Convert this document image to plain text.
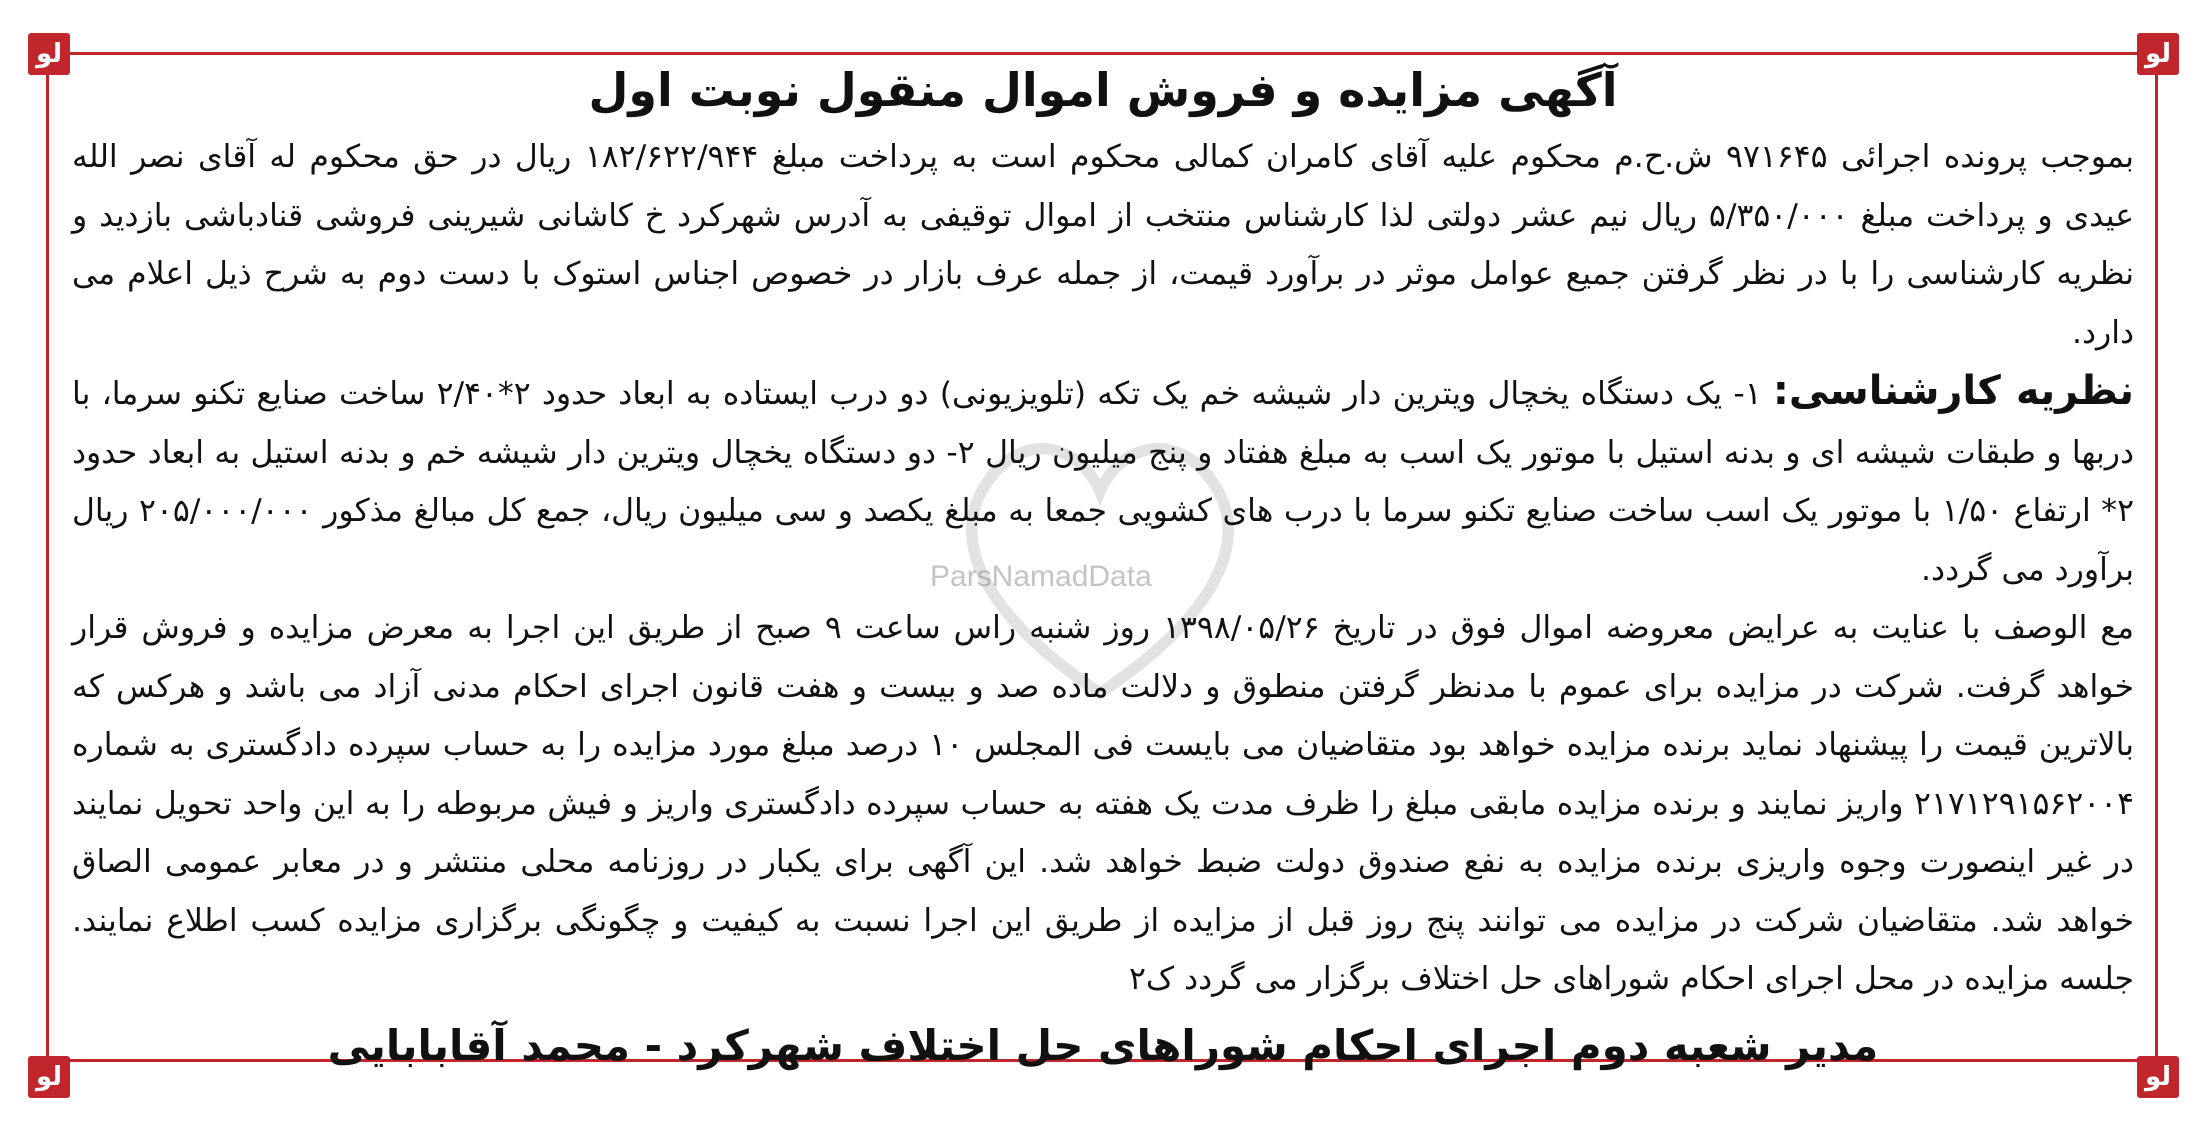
ﻟﻮ	ﻟﻮ
ﻟﻮ	ﻟﻮ
ParsNamadData
آگهی مزایده و فروش اموال منقول نوبت اول

بموجب پرونده اجرائی ۹۷۱۶۴۵ ش.ح.م محکوم علیه آقای کامران کمالی محکوم است به پرداخت مبلغ ۱۸۲/۶۲۲/۹۴۴ ریال در حق محکوم له آقای نصر الله عیدی و پرداخت مبلغ ۵/۳۵۰/۰۰۰ ریال نیم عشر دولتی لذا کارشناس منتخب از اموال توقیفی به آدرس شهرکرد خ کاشانی شیرینی فروشی قنادباشی بازدید و نظریه کارشناسی را با در نظر گرفتن جمیع عوامل موثر در برآورد قیمت، از جمله عرف بازار در خصوص اجناس استوک با دست دوم به شرح ذیل اعلام می دارد.

نظریه کارشناسی: ۱- یک دستگاه یخچال ویترین دار شیشه خم یک تکه (تلویزیونی) دو درب ایستاده به ابعاد حدود ۲*۲/۴۰ ساخت صنایع تکنو سرما، با دربها و طبقات شیشه ای و بدنه استیل با موتور یک اسب به مبلغ هفتاد و پنج میلیون ریال ۲- دو دستگاه یخچال ویترین دار شیشه خم و بدنه استیل به ابعاد حدود ۲* ارتفاع ۱/۵۰ با موتور یک اسب ساخت صنایع تکنو سرما با درب های کشویی جمعا به مبلغ یکصد و سی میلیون ریال، جمع کل مبالغ مذکور ۲۰۵/۰۰۰/۰۰۰ ریال برآورد می گردد.

مع الوصف با عنایت به عرایض معروضه اموال فوق در تاریخ ۱۳۹۸/۰۵/۲۶ روز شنبه راس ساعت ۹ صبح از طریق این اجرا به معرض مزایده و فروش قرار خواهد گرفت. شرکت در مزایده برای عموم با مدنظر گرفتن منطوق و دلالت ماده صد و بیست و هفت قانون اجرای احکام مدنی آزاد می باشد و هرکس که بالاترین قیمت را پیشنهاد نماید برنده مزایده خواهد بود متقاضیان می بایست فی المجلس ۱۰ درصد مبلغ مورد مزایده را به حساب سپرده دادگستری به شماره ۲۱۷۱۲۹۱۵۶۲۰۰۴ واریز نمایند و برنده مزایده مابقی مبلغ را ظرف مدت یک هفته به حساب سپرده دادگستری واریز و فیش مربوطه را به این واحد تحویل نمایند در غیر اینصورت وجوه واریزی برنده مزایده به نفع صندوق دولت ضبط خواهد شد. این آگهی برای یکبار در روزنامه محلی منتشر و در معابر عمومی الصاق خواهد شد. متقاضیان شرکت در مزایده می توانند پنج روز قبل از مزایده از طریق این اجرا نسبت به کیفیت و چگونگی برگزاری مزایده کسب اطلاع نمایند. جلسه مزایده در محل اجرای احکام شوراهای حل اختلاف برگزار می گردد ک۲

مدیر شعبه دوم اجرای احکام شوراهای حل اختلاف شهرکرد - محمد آقابابایی
